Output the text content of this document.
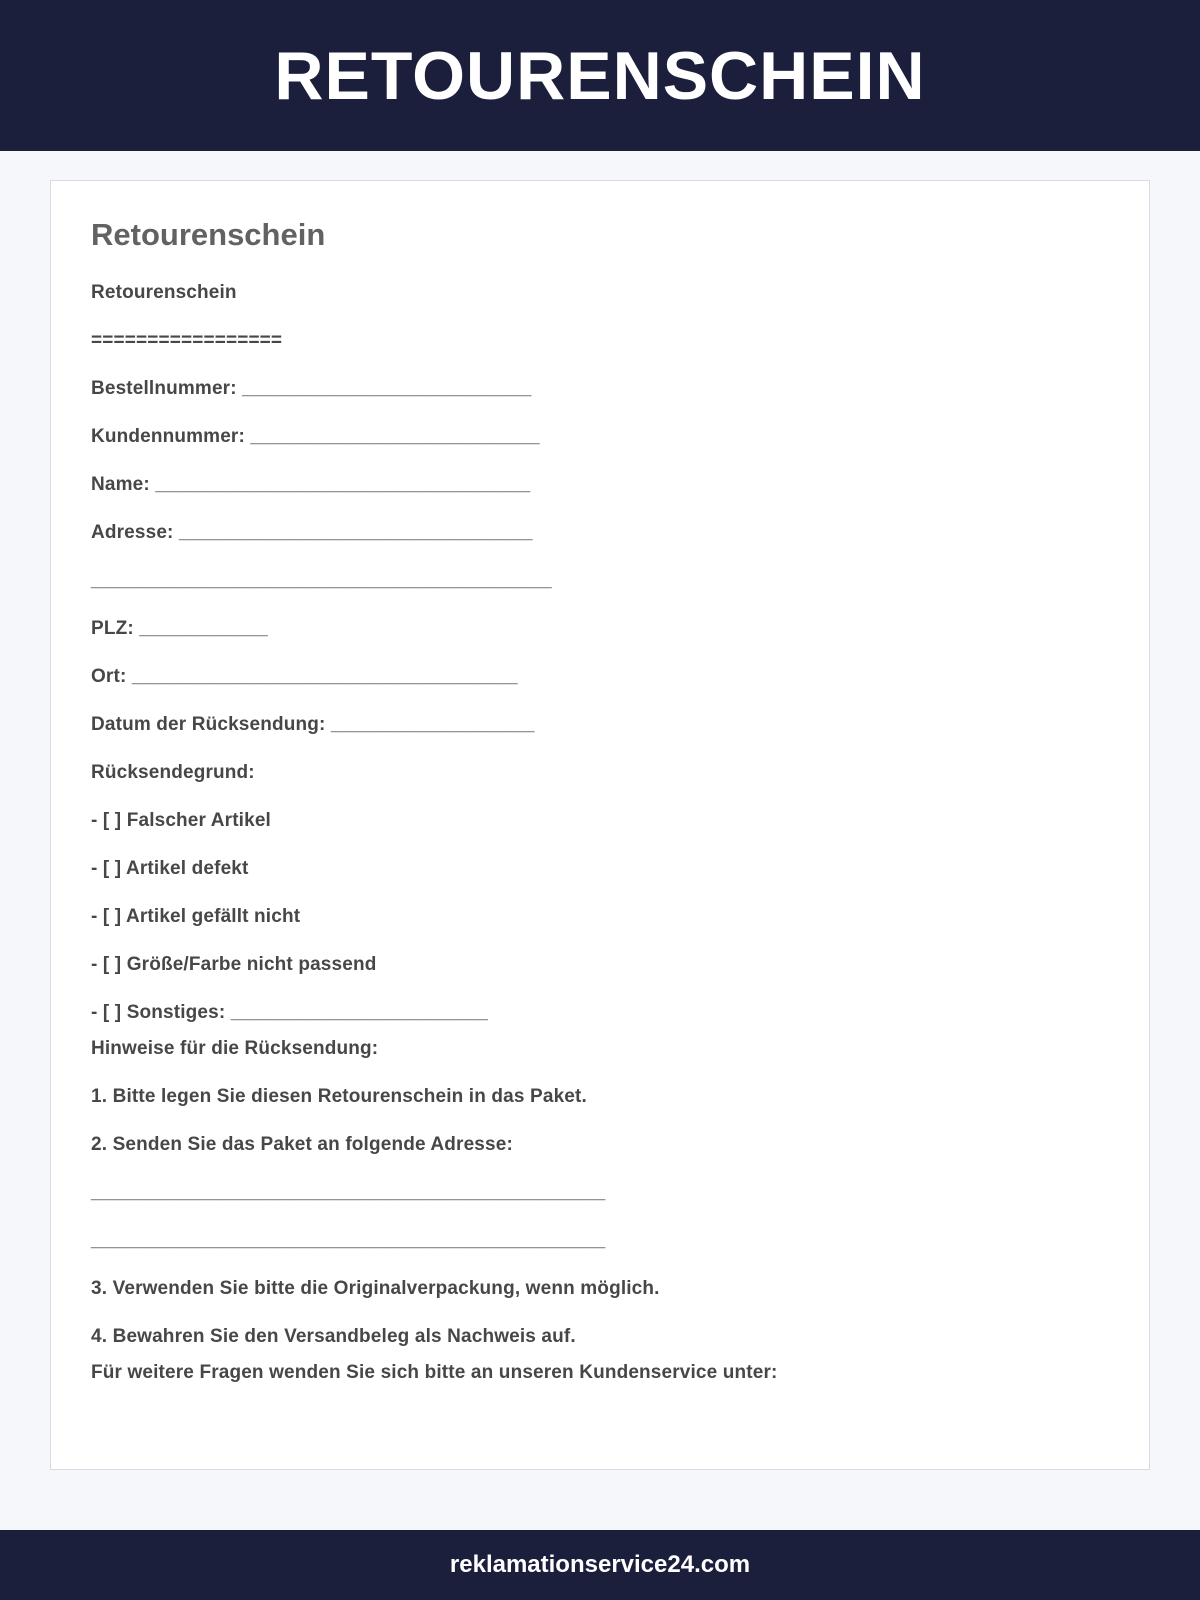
RETOURENSCHEIN
Retourenschein
Retourenschein
=================
Bestellnummer: ___________________________
Kundennummer: ___________________________
Name: ___________________________________
Adresse: _________________________________
___________________________________________
PLZ: ____________
Ort: ____________________________________
Datum der Rücksendung: ___________________
Rücksendegrund:
- [ ] Falscher Artikel
- [ ] Artikel defekt
- [ ] Artikel gefällt nicht
- [ ] Größe/Farbe nicht passend
- [ ] Sonstiges: ________________________
Hinweise für die Rücksendung:
1. Bitte legen Sie diesen Retourenschein in das Paket.
2. Senden Sie das Paket an folgende Adresse:
________________________________________________
________________________________________________
3. Verwenden Sie bitte die Originalverpackung, wenn möglich.
4. Bewahren Sie den Versandbeleg als Nachweis auf.
Für weitere Fragen wenden Sie sich bitte an unseren Kundenservice unter:
reklamationservice24.com
